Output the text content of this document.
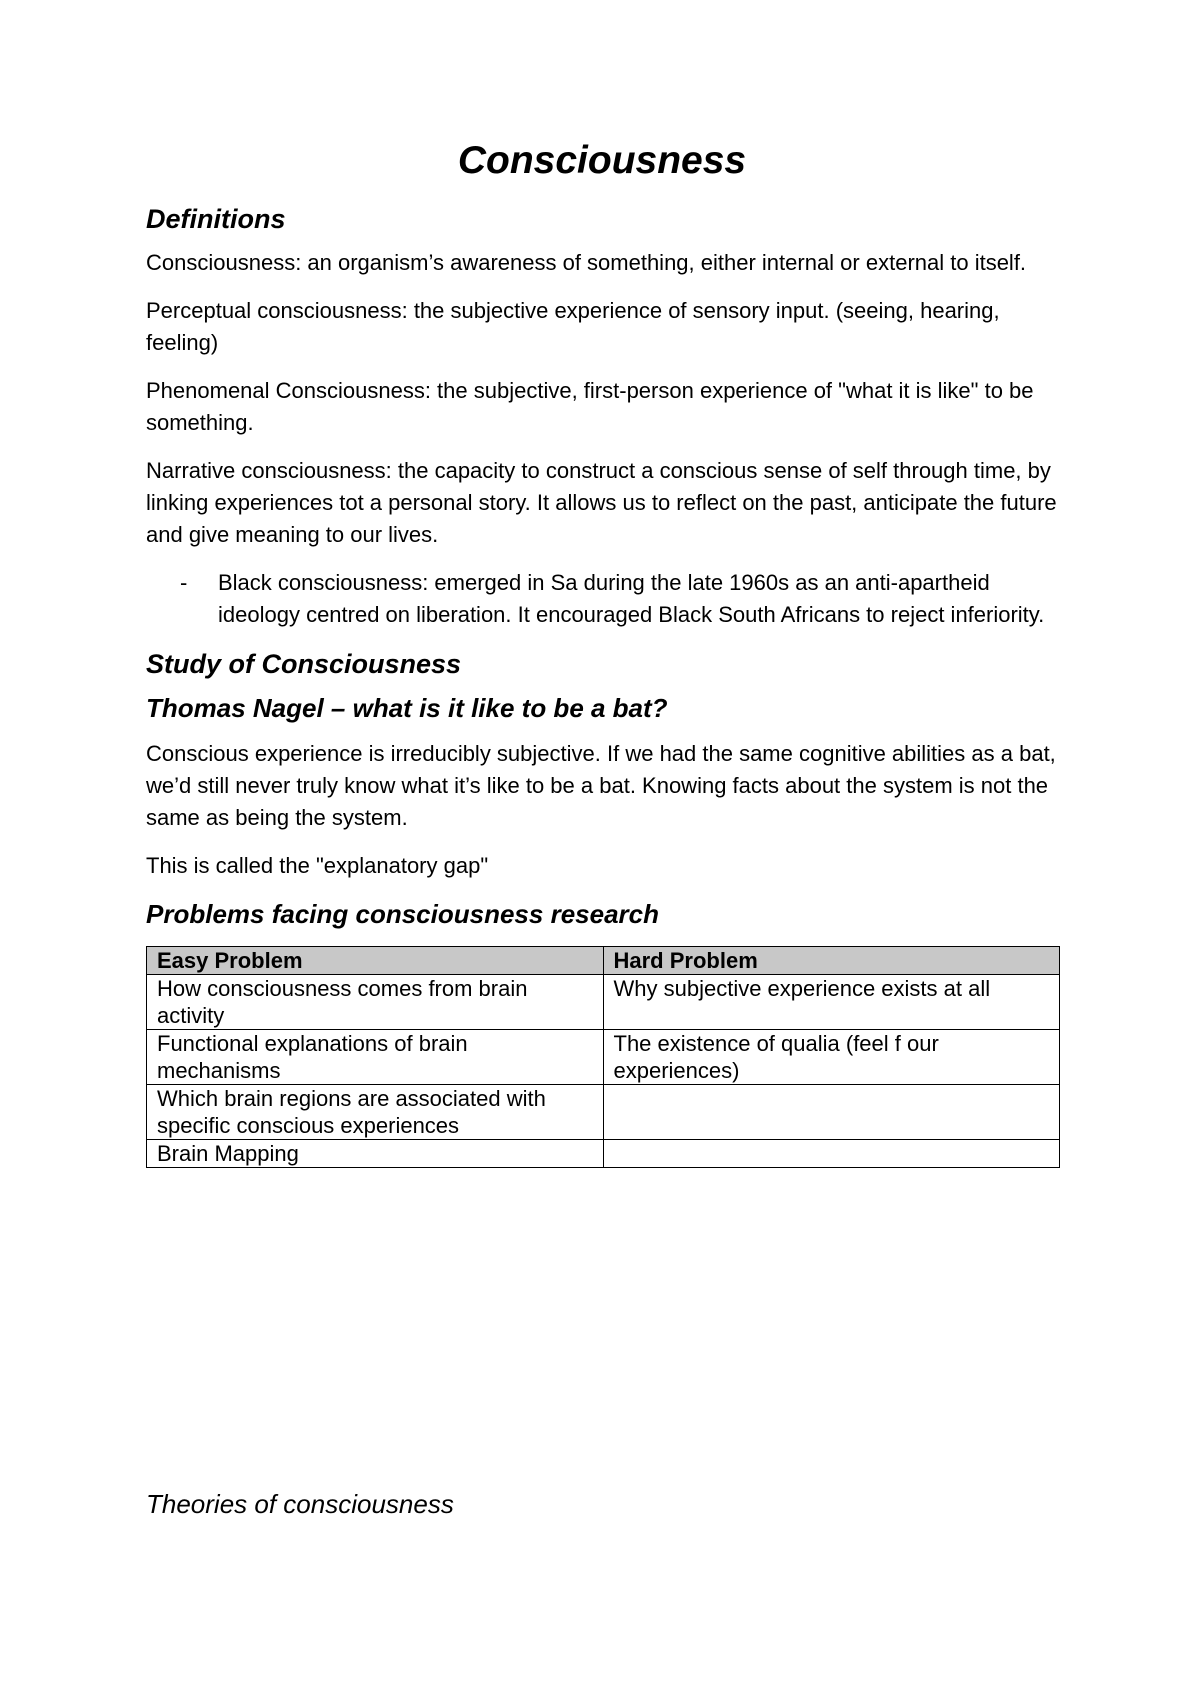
Consciousness
Definitions

Consciousness: an organism’s awareness of something, either internal or external to itself.

Perceptual consciousness: the subjective experience of sensory input. (seeing, hearing, feeling)

Phenomenal Consciousness: the subjective, first-person experience of "what it is like" to be something.

Narrative consciousness: the capacity to construct a conscious sense of self through time, by linking experiences tot a personal story. It allows us to reflect on the past, anticipate the future and give meaning to our lives.

- Black consciousness: emerged in Sa during the late 1960s as an anti-apartheid ideology centred on liberation. It encouraged Black South Africans to reject inferiority.
Study of Consciousness
Thomas Nagel – what is it like to be a bat?

Conscious experience is irreducibly subjective. If we had the same cognitive abilities as a bat, we’d still never truly know what it’s like to be a bat. Knowing facts about the system is not the same as being the system.

This is called the "explanatory gap"

Problems facing consciousness research
Easy Problem	Hard Problem
How consciousness comes from brain activity	Why subjective experience exists at all
Functional explanations of brain mechanisms	The existence of qualia (feel f our experiences)
Which brain regions are associated with specific conscious experiences	
Brain Mapping	
Theories of consciousness
